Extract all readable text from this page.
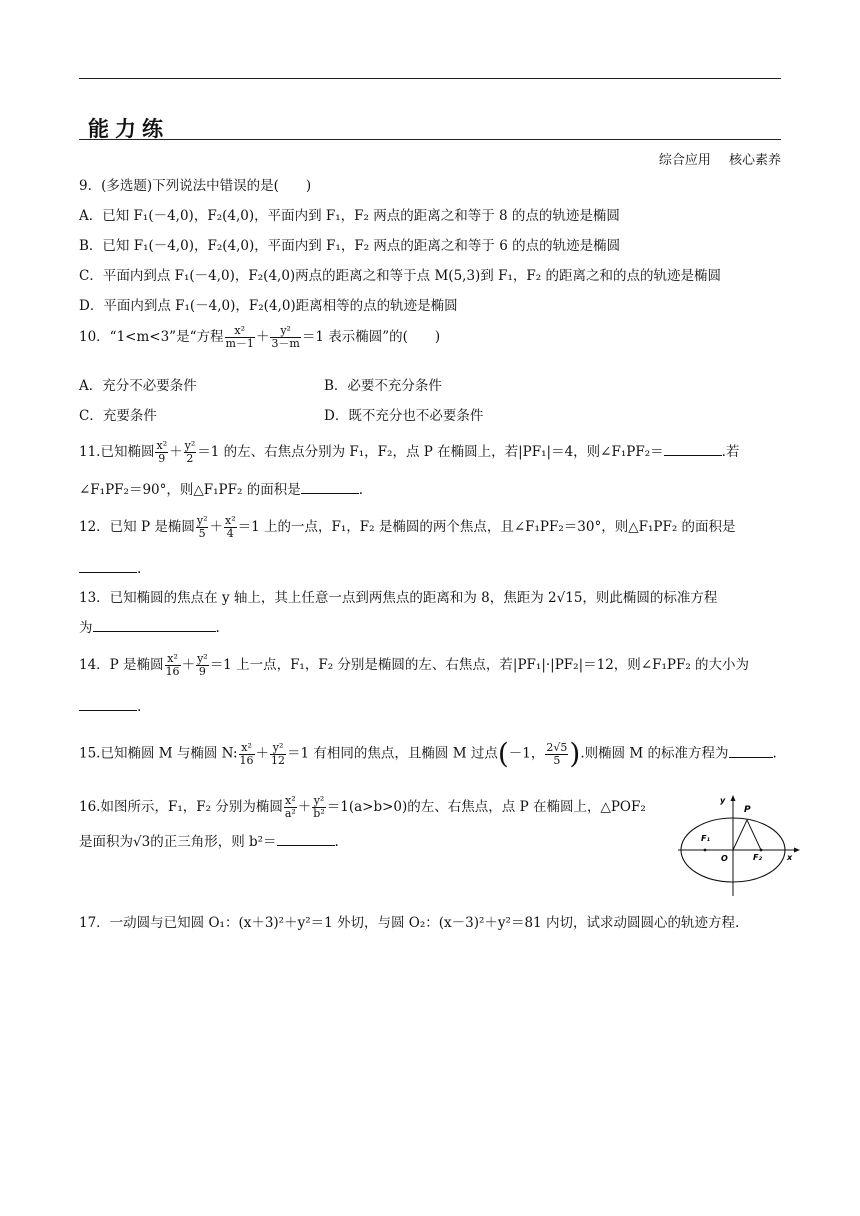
能力练
综合应用 核心素养
9．(多选题)下列说法中错误的是(　　)
A．已知 F₁(－4,0)，F₂(4,0)，平面内到 F₁，F₂ 两点的距离之和等于 8 的点的轨迹是椭圆
B．已知 F₁(－4,0)，F₂(4,0)，平面内到 F₁，F₂ 两点的距离之和等于 6 的点的轨迹是椭圆
C．平面内到点 F₁(－4,0)，F₂(4,0)两点的距离之和等于点 M(5,3)到 F₁，F₂ 的距离之和的点的轨迹是椭圆
D．平面内到点 F₁(－4,0)，F₂(4,0)距离相等的点的轨迹是椭圆
10．“1<m<3”是“方程 $\frac{\text{x²}}{m-1} + \frac{\text{y²}}{3-m} =1$ 表示椭圆”的(　　)
A．充分不必要条件	B．必要不充分条件
C．充要条件	D．既不充分也不必要条件
11.已知椭圆 $\frac{\text{x²}}{9} + \frac{\text{y²}}{2} =1$ 的左、右焦点分别为 F₁，F₂，点 P 在椭圆上，若|PF₁|＝4，则∠F₁PF₂＝	.若
∠F₁PF₂＝90°，则△F₁PF₂ 的面积是	.
12．已知 P 是椭圆 $\frac{\text{y²}}{5} + \frac{\text{x²}}{4} =1$ 上的一点，F₁，F₂ 是椭圆的两个焦点，且∠F₁PF₂＝30°，则△F₁PF₂ 的面积是
.
13．已知椭圆的焦点在 y 轴上，其上任意一点到两焦点的距离和为 8，焦距为 2√15，则此椭圆的标准方程
为	.
14．P 是椭圆 $\frac{\text{x²}}{16} + \frac{\text{y²}}{9} =1$ 上一点，F₁，F₂ 分别是椭圆的左、右焦点，若|PF₁|·|PF₂|＝12，则∠F₁PF₂ 的大小为
.
15.已知椭圆 M 与椭圆 N: $\frac{\text{x²}}{16} + \frac{\text{y²}}{12} =1$ 有相同的焦点，且椭圆 M 过点(－1， $\frac{2√5}{5}$ ).则椭圆 M 的标准方程为	.
16.如图所示，F₁，F₂ 分别为椭圆 $\frac{\text{x²}}{\text{a²}} + \frac{\text{y²}}{\text{b²}} =1(a>b>0)$的左、右焦点，点 P 在椭圆上，△POF₂
是面积为√3的正三角形，则 b²＝	.
y
x
P
O
F₁
F₂
17．一动圆与已知圆 O₁：(x＋3)²＋y²＝1 外切，与圆 O₂：(x－3)²＋y²＝81 内切，试求动圆圆心的轨迹方程.
